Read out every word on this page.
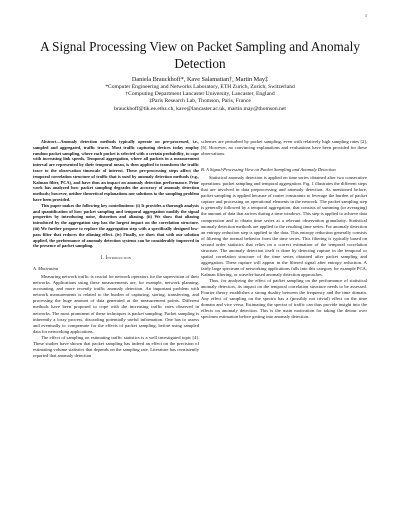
1
A Signal Processing View on Packet Sampling and Anomaly Detection
Daniela Brauckhoff*, Kave Salamatian†, Martin May‡
*Computer Engineering and Networks Laboratory, ETH Zurich, Zurich, Switzerland
†Computing Department Lancaster University, Lancaster, England
‡Paris Research Lab, Thomson, Paris, France
brauckhoff@tik.ee.ethz.ch, kave@lancaster.ac.uk, martin.may@thomson.net

Abstract—Anomaly detection methods typically operate on pre-processed, i.e., sampled and aggregated, traffic traces. Most traffic capturing devices today employ random packet sampling, where each packet is selected with a certain probability, to cope with increasing link speeds. Temporal aggregation, where all packets in a measurement interval are represented by their temporal mean, is then applied to transform the traffic trace to the observation timescale of interest. These pre-processing steps affect the temporal correlation structure of traffic that is used by anomaly detection methods (e.g., Kalman filter, PCA), and have thus an impact on anomaly detection performance. Prior work has analyzed how packet sampling degrades the accuracy of anomaly detection methods; however, neither theoretical explanations nor solutions to the sampling problem have been provided.

This paper makes the following key contributions: (i) It provides a thorough analysis and quantification of how packet sampling and temporal aggregation modify the signal properties by introducing noise, distortion and aliasing. (ii) We show that aliasing introduced by the aggregation step has the largest impact on the correlation structure. (iii) We further propose to replace the aggregation step with a specifically designed low-pass filter that reduces the aliasing effect. (iv) Finally, we show that with our solution applied, the performance of anomaly detection systems can be considerably improved in the presence of packet sampling.

I. Introduction
A. Motivation

Measuring network traffic is crucial for network operators for the supervision of their networks. Applications using these measurements are, for example, network planning, accounting, and more recently traffic anomaly detection. An important problem with network measurements is related to the burden of capturing, storing, transferring, and processing the huge amount of data generated at the measurement points. Different methods have been proposed to cope with the increasing traffic rates observed in networks. The most prominent of these techniques is packet sampling. Packet sampling is inherently a lossy process, discarding potentially useful information. One has to assess and eventually to compensate for the effects of packet sampling, before using sampled data for networking applications.

The effect of sampling on estimating traffic statistics is a well investigated topic [4]. These studies have shown that packet sampling has indeed an effect on the precision of estimating volume statistics that depends on the sampling rate. Literature has consistently reported that anomaly detection

schemes are perturbed by packet sampling, even with relatively high sampling rates [2], [6]. However, no convincing explanations and evaluations have been provided for these observations.

B. A Signal-Processing View on Packet Sampling and Anomaly Detection

Statistical anomaly detection is applied on time series obtained after two consecutive operations: packet sampling and temporal aggregation. Fig. 1 illustrates the different steps that are involved in data preprocessing and anomaly detection. As mentioned before, packet sampling is applied because of router constraints to leverage the burden of packet capture and processing on operational elements in the network. The packet sampling step is generally followed by a temporal aggregation, that consists of summing (or averaging) the amount of data that arrives during a time windows. This step is applied to achieve data compression and to obtain time series at a relevant observation granularity. Statistical anomaly detection methods are applied to the resulting time series. For anomaly detection an entropy reduction step is applied to the data. This entropy reduction generally consists of filtering the normal behavior from the time series. This filtering is typically based on second order statistics that relies on a correct estimation of the temporal correlation structure. The anomaly detection itself is done by detecting rupture in the temporal or spatial correlation structure of the time series obtained after packet sampling and aggregation. These rupture will appear in the filtered signal after entropy reduction. A fairly large spectrum of networking applications falls into this category for example PCA, Kalman filtering, or wavelet-based anomaly detection approaches.

Thus, for analyzing the effect of packet sampling on the performance of statistical anomaly detectors, its impact on the temporal correlation structure needs to be assessed. Fourier theory establishes a strong duality between the frequency and the time domain. Any effect of sampling on the spectra has a (possibly not trivial) effect on the time domain and vice versa. Estimating the spectra of traffic can thus provide insight into the effects on anomaly detection. This is the main motivation for taking the detour over spectrum estimation before getting into anomaly detection.
